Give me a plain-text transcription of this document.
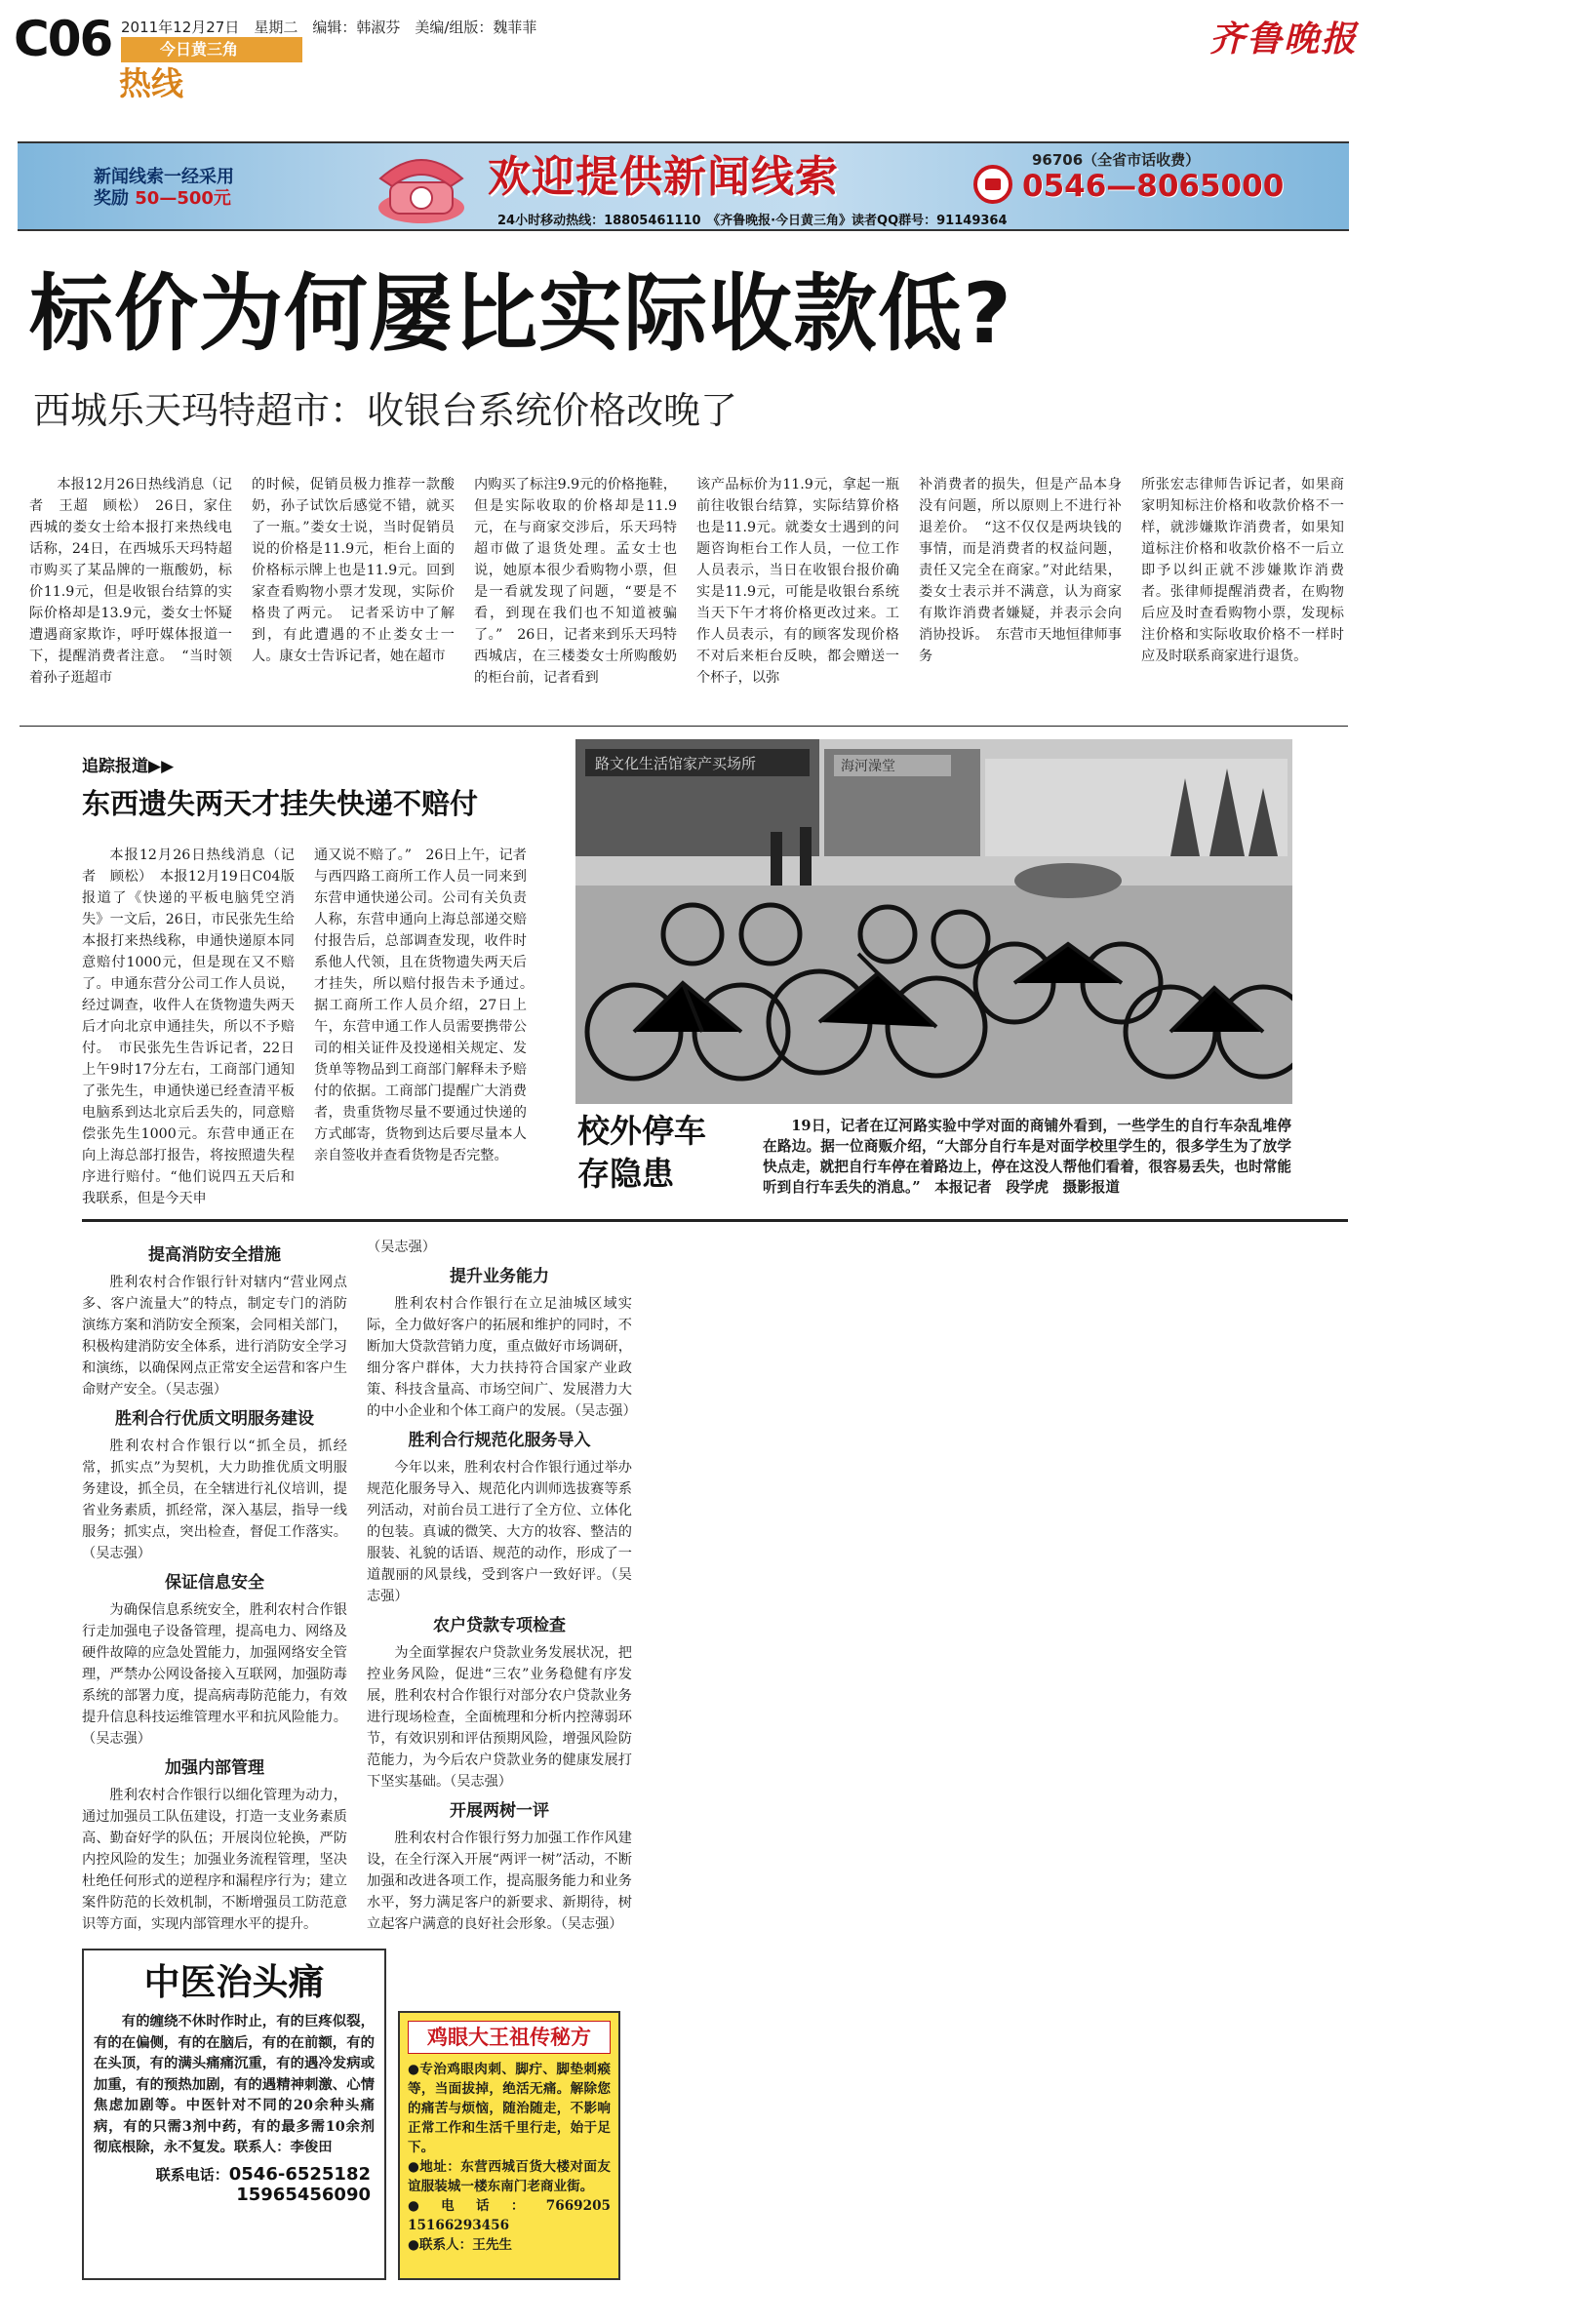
C06 2011年12月27日　星期二　编辑：韩淑芬　美编/组版：魏菲菲
今日黄三角
热线
齐鲁晚报
新闻线索一经采用
奖励 50—500元	欢迎提供新闻线索	96706（全省市话收费）
0546—8065000
24小时移动热线：18805461110　《齐鲁晚报·今日黄三角》读者QQ群号：91149364
标价为何屡比实际收款低?
西城乐天玛特超市：收银台系统价格改晚了

本报12月26日热线消息（记者　王超　顾松）　26日，家住西城的娄女士给本报打来热线电话称，24日，在西城乐天玛特超市购买了某品牌的一瓶酸奶，标价11.9元，但是收银台结算的实际价格却是13.9元，娄女士怀疑遭遇商家欺诈，呼吁媒体报道一下，提醒消费者注意。　“当时领着孙子逛超市

的时候，促销员极力推荐一款酸奶，孙子试饮后感觉不错，就买了一瓶。”娄女士说，当时促销员说的价格是11.9元，柜台上面的价格标示牌上也是11.9元。回到家查看购物小票才发现，实际价格贵了两元。　记者采访中了解到，有此遭遇的不止娄女士一人。康女士告诉记者，她在超市

内购买了标注9.9元的价格拖鞋，但是实际收取的价格却是11.9元，在与商家交涉后，乐天玛特超市做了退货处理。孟女士也说，她原本很少看购物小票，但是一看就发现了问题，“要是不看，到现在我们也不知道被骗了。”　26日，记者来到乐天玛特西城店，在三楼娄女士所购酸奶的柜台前，记者看到

该产品标价为11.9元，拿起一瓶前往收银台结算，实际结算价格也是11.9元。就娄女士遇到的问题咨询柜台工作人员，一位工作人员表示，当日在收银台报价确实是11.9元，可能是收银台系统当天下午才将价格更改过来。工作人员表示，有的顾客发现价格不对后来柜台反映，都会赠送一个杯子，以弥

补消费者的损失，但是产品本身没有问题，所以原则上不进行补退差价。　“这不仅仅是两块钱的事情，而是消费者的权益问题，责任又完全在商家。”对此结果，娄女士表示并不满意，认为商家有欺诈消费者嫌疑，并表示会向消协投诉。　东营市天地恒律师事务

所张宏志律师告诉记者，如果商家明知标注价格和收款价格不一样，就涉嫌欺诈消费者，如果知道标注价格和收款价格不一后立即予以纠正就不涉嫌欺诈消费者。张律师提醒消费者，在购物后应及时查看购物小票，发现标注价格和实际收取价格不一样时应及时联系商家进行退货。

追踪报道▶▶
东西遗失两天才挂失快递不赔付

本报12月26日热线消息（记者　顾松）　本报12月19日C04版报道了《快递的平板电脑凭空消失》一文后，26日，市民张先生给本报打来热线称，申通快递原本同意赔付1000元，但是现在又不赔了。申通东营分公司工作人员说，经过调查，收件人在货物遗失两天后才向北京申通挂失，所以不予赔付。　市民张先生告诉记者，22日上午9时17分左右，工商部门通知了张先生，申通快递已经查清平板电脑系到达北京后丢失的，同意赔偿张先生1000元。东营申通正在向上海总部打报告，将按照遗失程序进行赔付。“他们说四五天后和我联系，但是今天申

通又说不赔了。”　26日上午，记者与西四路工商所工作人员一同来到东营申通快递公司。公司有关负责人称，东营申通向上海总部递交赔付报告后，总部调查发现，收件时系他人代领，且在货物遗失两天后才挂失，所以赔付报告未予通过。　据工商所工作人员介绍，27日上午，东营申通工作人员需要携带公司的相关证件及投递相关规定、发货单等物品到工商部门解释未予赔付的依据。工商部门提醒广大消费者，贵重货物尽量不要通过快递的方式邮寄，货物到达后要尽量本人亲自签收并查看货物是否完整。

路文化生活馆家产买场所	海河澡堂
校外停车
存隐患

19日，记者在辽河路实验中学对面的商铺外看到，一些学生的自行车杂乱堆停在路边。据一位商贩介绍，“大部分自行车是对面学校里学生的，很多学生为了放学快点走，就把自行车停在着路边上，停在这没人帮他们看着，很容易丢失，也时常能听到自行车丢失的消息。”　本报记者　段学虎　摄影报道

提高消防安全措施
胜利农村合作银行针对辖内“营业网点多、客户流量大”的特点，制定专门的消防演练方案和消防安全预案，会同相关部门，积极构建消防安全体系，进行消防安全学习和演练，以确保网点正常安全运营和客户生命财产安全。（吴志强）
胜利合行优质文明服务建设
胜利农村合作银行以“抓全员，抓经常，抓实点”为契机，大力助推优质文明服务建设，抓全员，在全辖进行礼仪培训，提省业务素质，抓经常，深入基层，指导一线服务；抓实点，突出检查，督促工作落实。（吴志强）
保证信息安全
为确保信息系统安全，胜利农村合作银行走加强电子设备管理，提高电力、网络及硬件故障的应急处置能力，加强网络安全管理，严禁办公网设备接入互联网，加强防毒系统的部署力度，提高病毒防范能力，有效提升信息科技运维管理水平和抗风险能力。（吴志强）
加强内部管理
胜利农村合作银行以细化管理为动力，通过加强员工队伍建设，打造一支业务素质高、勤奋好学的队伍；开展岗位轮换，严防内控风险的发生；加强业务流程管理，坚决杜绝任何形式的逆程序和漏程序行为；建立案件防范的长效机制，不断增强员工防范意识等方面，实现内部管理水平的提升。
（吴志强）
提升业务能力
胜利农村合作银行在立足油城区域实际，全力做好客户的拓展和维护的同时，不断加大贷款营销力度，重点做好市场调研，细分客户群体，大力扶持符合国家产业政策、科技含量高、市场空间广、发展潜力大的中小企业和个体工商户的发展。（吴志强）
胜利合行规范化服务导入
今年以来，胜利农村合作银行通过举办规范化服务导入、规范化内训师选拔赛等系列活动，对前台员工进行了全方位、立体化的包装。真诚的微笑、大方的妆容、整洁的服装、礼貌的话语、规范的动作，形成了一道靓丽的风景线，受到客户一致好评。（吴志强）
农户贷款专项检查
为全面掌握农户贷款业务发展状况，把控业务风险，促进“三农”业务稳健有序发展，胜利农村合作银行对部分农户贷款业务进行现场检查，全面梳理和分析内控薄弱环节，有效识别和评估预期风险，增强风险防范能力，为今后农户贷款业务的健康发展打下坚实基础。（吴志强）
开展两树一评
胜利农村合作银行努力加强工作作风建设，在全行深入开展“两评一树”活动，不断加强和改进各项工作，提高服务能力和业务水平，努力满足客户的新要求、新期待，树立起客户满意的良好社会形象。（吴志强）
中医治头痛
有的缠绕不休时作时止，有的巨疼似裂，有的在偏侧，有的在脑后，有的在前额，有的在头顶，有的满头痛痛沉重，有的遇冷发病或加重，有的预热加剧，有的遇精神刺激、心情焦虑加剧等。中医针对不同的20余种头痛病，有的只需3剂中药，有的最多需10余剂彻底根除，永不复发。联系人：李俊田
联系电话：0546-6525182
15965456090
鸡眼大王祖传秘方
●专治鸡眼肉刺、脚疔、脚垫刺瘊等，当面拔掉，绝活无痛。解除您的痛苦与烦恼，随治随走，不影响正常工作和生活千里行走，始于足下。
●地址：东营西城百货大楼对面友谊服装城一楼东南门老商业街。
●电话：7669205　15166293456
●联系人：王先生
